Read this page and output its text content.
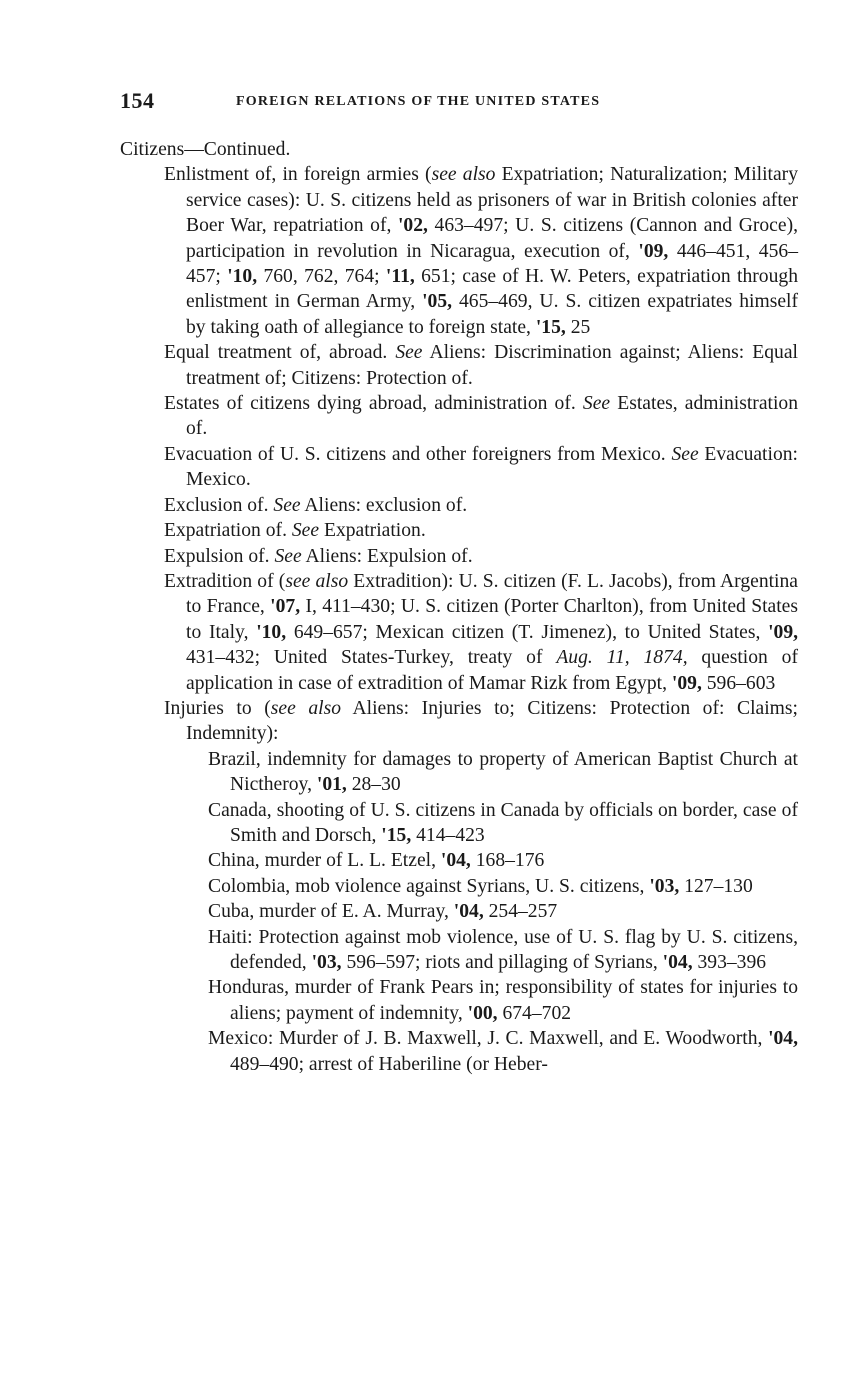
154	FOREIGN RELATIONS OF THE UNITED STATES

Citizens—Continued.

Enlistment of, in foreign armies (see also Expatriation; Naturalization; Military service cases): U. S. citizens held as prisoners of war in British colonies after Boer War, repatriation of, '02, 463–497; U. S. citizens (Cannon and Groce), participation in revolution in Nicaragua, execution of, '09, 446–451, 456–457; '10, 760, 762, 764; '11, 651; case of H. W. Peters, expatriation through enlistment in German Army, '05, 465–469, U. S. citizen expatriates himself by taking oath of allegiance to foreign state, '15, 25

Equal treatment of, abroad. See Aliens: Discrimination against; Aliens: Equal treatment of; Citizens: Protection of.

Estates of citizens dying abroad, administration of. See Estates, administration of.

Evacuation of U. S. citizens and other foreigners from Mexico. See Evacuation: Mexico.

Exclusion of. See Aliens: exclusion of.

Expatriation of. See Expatriation.

Expulsion of. See Aliens: Expulsion of.

Extradition of (see also Extradition): U. S. citizen (F. L. Jacobs), from Argentina to France, '07, I, 411–430; U. S. citizen (Porter Charlton), from United States to Italy, '10, 649–657; Mexican citizen (T. Jimenez), to United States, '09, 431–432; United States-Turkey, treaty of Aug. 11, 1874, question of application in case of extradition of Mamar Rizk from Egypt, '09, 596–603

Injuries to (see also Aliens: Injuries to; Citizens: Protection of: Claims; Indemnity):

Brazil, indemnity for damages to property of American Baptist Church at Nictheroy, '01, 28–30

Canada, shooting of U. S. citizens in Canada by officials on border, case of Smith and Dorsch, '15, 414–423

China, murder of L. L. Etzel, '04, 168–176

Colombia, mob violence against Syrians, U. S. citizens, '03, 127–130

Cuba, murder of E. A. Murray, '04, 254–257

Haiti: Protection against mob violence, use of U. S. flag by U. S. citizens, defended, '03, 596–597; riots and pillaging of Syrians, '04, 393–396

Honduras, murder of Frank Pears in; responsibility of states for injuries to aliens; payment of indemnity, '00, 674–702

Mexico: Murder of J. B. Maxwell, J. C. Maxwell, and E. Woodworth, '04, 489–490; arrest of Haberiline (or Heber-
